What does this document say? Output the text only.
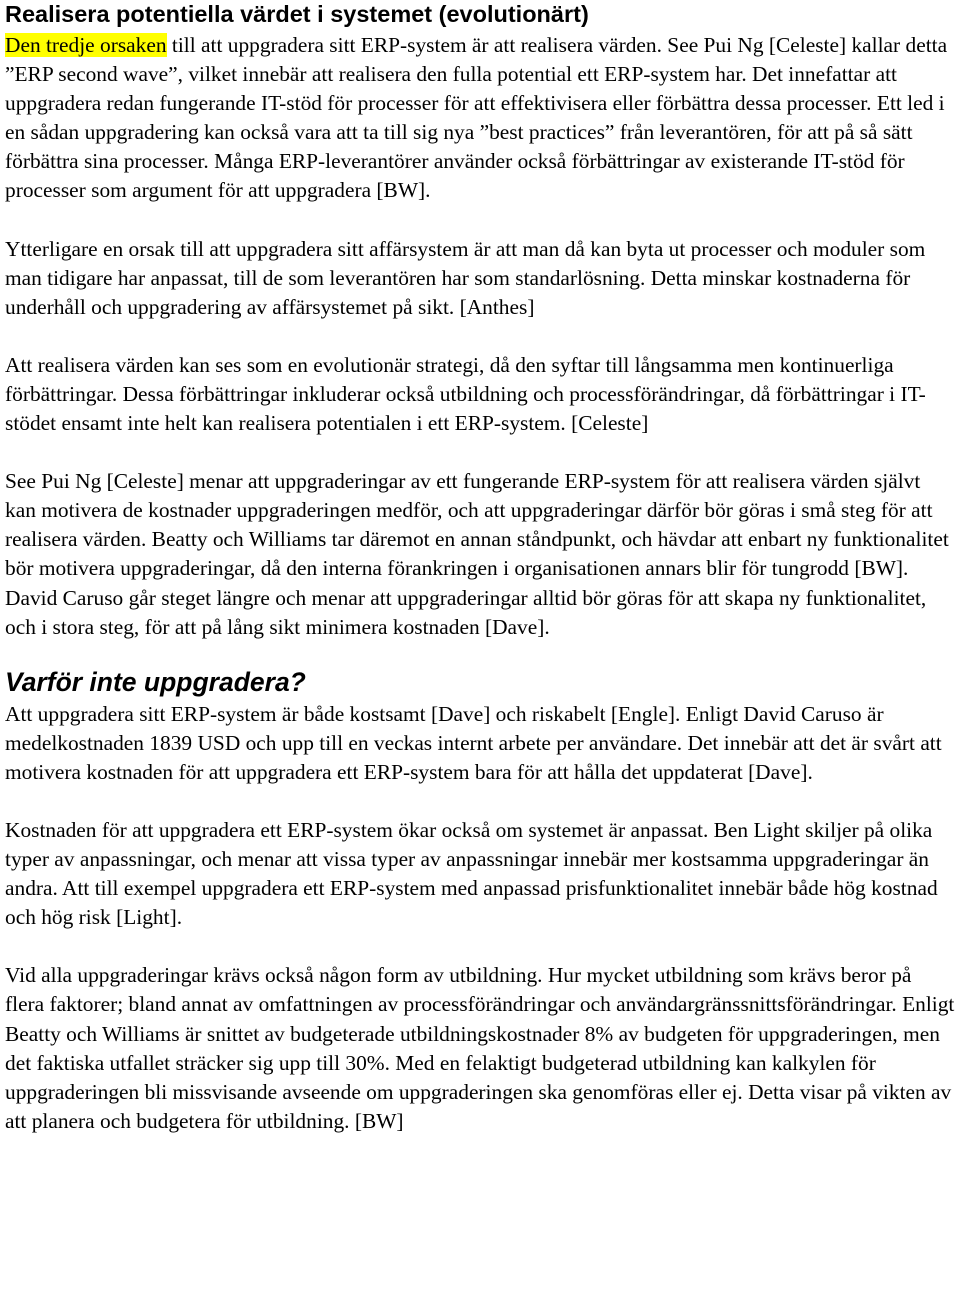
Realisera potentiella värdet i systemet (evolutionärt)

Den tredje orsaken till att uppgradera sitt ERP-system är att realisera värden. See Pui Ng [Celeste] kallar detta ”ERP second wave”, vilket innebär att realisera den fulla potential ett ERP-system har. Det innefattar att uppgradera redan fungerande IT-stöd för processer för att effektivisera eller förbättra dessa processer. Ett led i en sådan uppgradering kan också vara att ta till sig nya ”best practices” från leverantören, för att på så sätt förbättra sina processer. Många ERP-leverantörer använder också förbättringar av existerande IT-stöd för processer som argument för att uppgradera [BW].

Ytterligare en orsak till att uppgradera sitt affärsystem är att man då kan byta ut processer och moduler som man tidigare har anpassat, till de som leverantören har som standarlösning. Detta minskar kostnaderna för underhåll och uppgradering av affärsystemet på sikt. [Anthes]

Att realisera värden kan ses som en evolutionär strategi, då den syftar till långsamma men kontinuerliga förbättringar. Dessa förbättringar inkluderar också utbildning och processförändringar, då förbättringar i IT-stödet ensamt inte helt kan realisera potentialen i ett ERP-system. [Celeste]

See Pui Ng [Celeste] menar att uppgraderingar av ett fungerande ERP-system för att realisera värden självt kan motivera de kostnader uppgraderingen medför, och att uppgraderingar därför bör göras i små steg för att realisera värden. Beatty och Williams tar däremot en annan ståndpunkt, och hävdar att enbart ny funktionalitet bör motivera uppgraderingar, då den interna förankringen i organisationen annars blir för tungrodd [BW]. David Caruso går steget längre och menar att uppgraderingar alltid bör göras för att skapa ny funktionalitet, och i stora steg, för att på lång sikt minimera kostnaden [Dave].

Varför inte uppgradera?

Att uppgradera sitt ERP-system är både kostsamt [Dave] och riskabelt [Engle]. Enligt David Caruso är medelkostnaden 1839 USD och upp till en veckas internt arbete per användare. Det innebär att det är svårt att motivera kostnaden för att uppgradera ett ERP-system bara för att hålla det uppdaterat [Dave].

Kostnaden för att uppgradera ett ERP-system ökar också om systemet är anpassat. Ben Light skiljer på olika typer av anpassningar, och menar att vissa typer av anpassningar innebär mer kostsamma uppgraderingar än andra. Att till exempel uppgradera ett ERP-system med anpassad prisfunktionalitet innebär både hög kostnad och hög risk [Light].

Vid alla uppgraderingar krävs också någon form av utbildning. Hur mycket utbildning som krävs beror på flera faktorer; bland annat av omfattningen av processförändringar och användargränssnittsförändringar. Enligt Beatty och Williams är snittet av budgeterade utbildningskostnader 8% av budgeten för uppgraderingen, men det faktiska utfallet sträcker sig upp till 30%. Med en felaktigt budgeterad utbildning kan kalkylen för uppgraderingen bli missvisande avseende om uppgraderingen ska genomföras eller ej. Detta visar på vikten av att planera och budgetera för utbildning. [BW]
